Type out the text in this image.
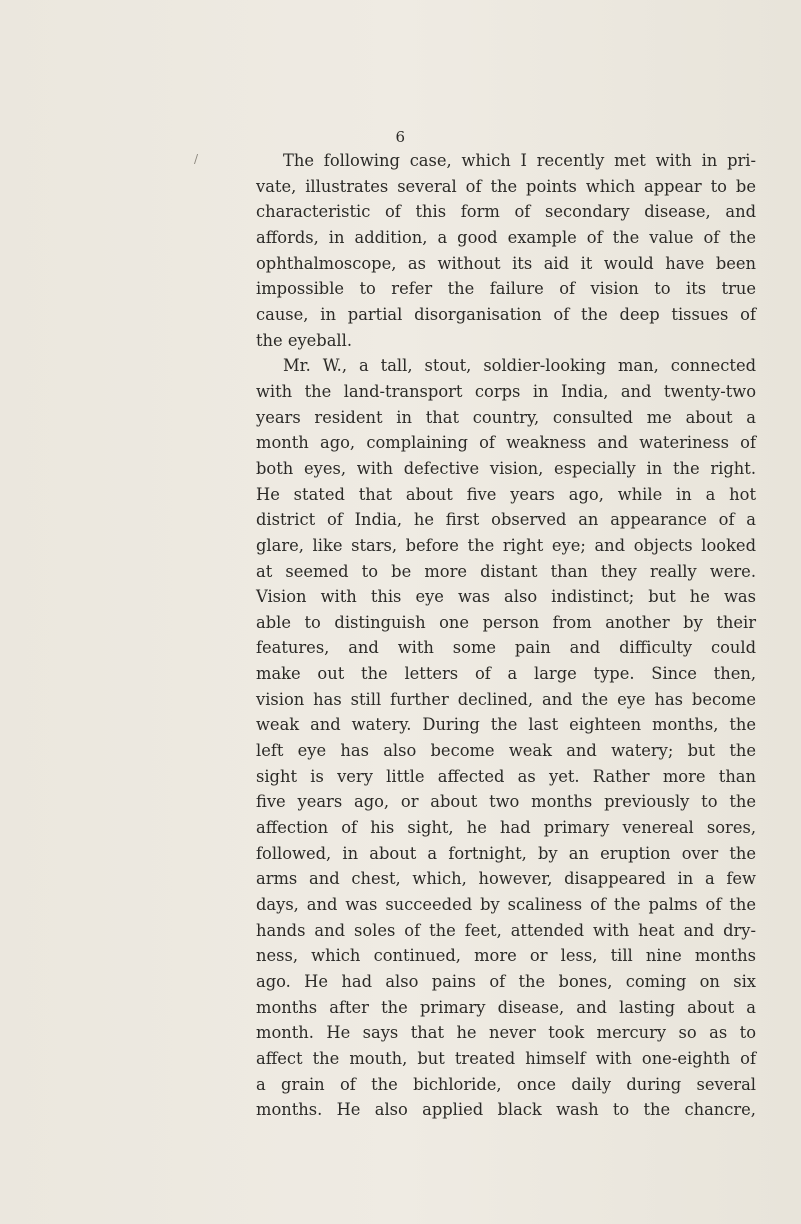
/
6
The following case, which I recently met with in pri-
vate, illustrates several of the points which appear to be
characteristic of this form of secondary disease, and
affords, in addition, a good example of the value of the
ophthalmoscope, as without its aid it would have been
impossible to refer the failure of vision to its true
cause, in partial disorganisation of the deep tissues of
the eyeball.
Mr. W., a tall, stout, soldier-looking man, connected
with the land-transport corps in India, and twenty-two
years resident in that country, consulted me about a
month ago, complaining of weakness and wateriness of
both eyes, with defective vision, especially in the right.
He stated that about five years ago, while in a hot
district of India, he first observed an appearance of a
glare, like stars, before the right eye; and objects looked
at seemed to be more distant than they really were.
Vision with this eye was also indistinct; but he was
able to distinguish one person from another by their
features, and with some pain and difficulty could
make out the letters of a large type. Since then,
vision has still further declined, and the eye has become
weak and watery. During the last eighteen months, the
left eye has also become weak and watery; but the
sight is very little affected as yet. Rather more than
five years ago, or about two months previously to the
affection of his sight, he had primary venereal sores,
followed, in about a fortnight, by an eruption over the
arms and chest, which, however, disappeared in a few
days, and was succeeded by scaliness of the palms of the
hands and soles of the feet, attended with heat and dry-
ness, which continued, more or less, till nine months
ago. He had also pains of the bones, coming on six
months after the primary disease, and lasting about a
month. He says that he never took mercury so as to
affect the mouth, but treated himself with one-eighth of
a grain of the bichloride, once daily during several
months. He also applied black wash to the chancre,
